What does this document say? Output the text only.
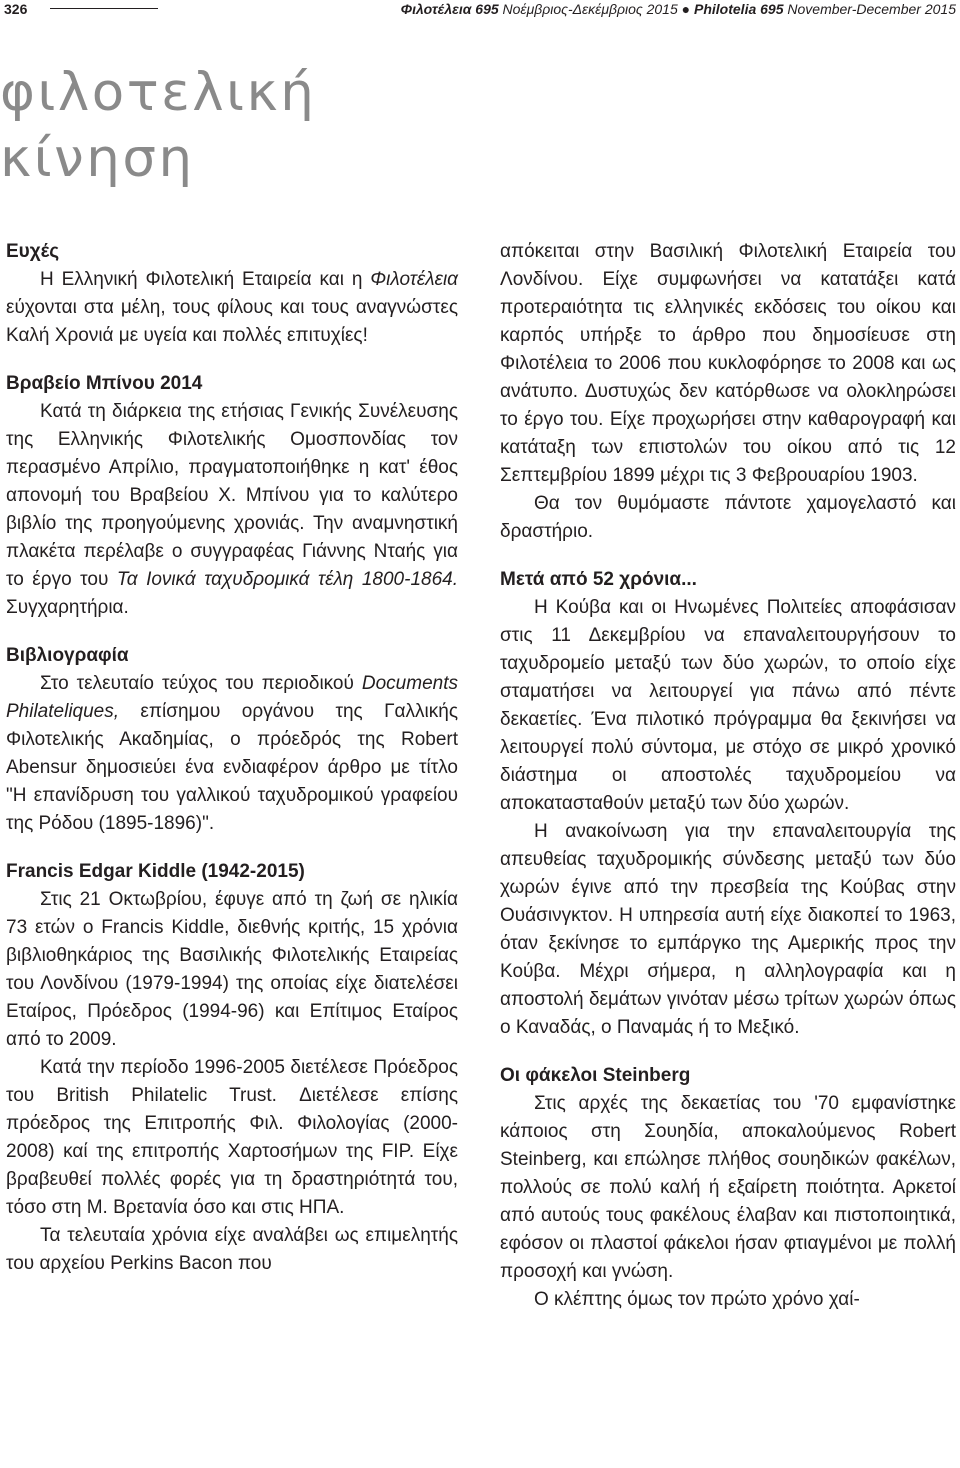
326	Φιλοτέλεια 695 Νοέμβριος-Δεκέμβριος 2015 ● Philotelia 695 November-December 2015
φιλοτελική
κίνηση
Ευχές

Η Ελληνική Φιλοτελική Εταιρεία και η Φιλοτέλεια εύχονται στα μέλη, τους φίλους και τους αναγνώστες Καλή Χρονιά με υγεία και πολλές επιτυχίες!

Βραβείο Μπίνου 2014

Κατά τη διάρκεια της ετήσιας Γενικής Συνέλευσης της Ελληνικής Φιλοτελικής Ομοσπονδίας τον περασμένο Απρίλιο, πραγματοποιήθηκε η κατ' έθος απονομή του Βραβείου Χ. Μπίνου για το καλύτερο βιβλίο της προηγούμενης χρονιάς. Την αναμνηστική πλακέτα περέλαβε ο συγγραφέας Γιάννης Νταής για το έργο του Τα Ιονικά ταχυδρομικά τέλη 1800-1864. Συγχαρητήρια.

Βιβλιογραφία

Στο τελευταίο τεύχος του περιοδικού Documents Philateliques, επίσημου οργάνου της Γαλλικής Φιλοτελικής Ακαδημίας, ο πρόεδρός της Robert Abensur δημοσιεύει ένα ενδιαφέρον άρθρο με τίτλο "Η επανίδρυση του γαλλικού ταχυδρομικού γραφείου της Ρόδου (1895-1896)".

Francis Edgar Kiddle (1942-2015)

Στις 21 Οκτωβρίου, έφυγε από τη ζωή σε ηλικία 73 ετών ο Francis Kiddle, διεθνής κριτής, 15 χρόνια βιβλιοθηκάριος της Βασιλικής Φιλοτελικής Εταιρείας του Λονδίνου (1979-1994) της οποίας είχε διατελέσει Εταίρος, Πρόεδρος (1994-96) και Επίτιμος Εταίρος από το 2009.

Κατά την περίοδο 1996-2005 διετέλεσε Πρόεδρος του British Philatelic Trust. Διετέλεσε επίσης πρόεδρος της Επιτροπής Φιλ. Φιλολογίας (2000-2008) καί της επιτροπής Χαρτοσήμων της FIP. Είχε βραβευθεί πολλές φορές για τη δραστηριότητά του, τόσο στη Μ. Βρετανία όσο και στις ΗΠΑ.

Τα τελευταία χρόνια είχε αναλάβει ως επιμελητής του αρχείου Perkins Bacon που

απόκειται στην Βασιλική Φιλοτελική Εταιρεία του Λονδίνου. Είχε συμφωνήσει να κατατάξει κατά προτεραιότητα τις ελληνικές εκδόσεις του οίκου και καρπός υπήρξε το άρθρο που δημοσίευσε στη Φιλοτέλεια το 2006 που κυκλοφόρησε το 2008 και ως ανάτυπο. Δυστυχώς δεν κατόρθωσε να ολοκληρώσει το έργο του. Είχε προχωρήσει στην καθαρογραφή και κατάταξη των επιστολών του οίκου από τις 12 Σεπτεμβρίου 1899 μέχρι τις 3 Φεβρουαρίου 1903.

Θα τον θυμόμαστε πάντοτε χαμογελαστό και δραστήριο.

Μετά από 52 χρόνια...

Η Κούβα και οι Ηνωμένες Πολιτείες αποφάσισαν στις 11 Δεκεμβρίου να επαναλειτουργήσουν το ταχυδρομείο μεταξύ των δύο χωρών, το οποίο είχε σταματήσει να λειτουργεί για πάνω από πέντε δεκαετίες. Ένα πιλοτικό πρόγραμμα θα ξεκινήσει να λειτουργεί πολύ σύντομα, με στόχο σε μικρό χρονικό διάστημα οι αποστολές ταχυδρομείου να αποκατασταθούν μεταξύ των δύο χωρών.

Η ανακοίνωση για την επαναλειτουργία της απευθείας ταχυδρομικής σύνδεσης μεταξύ των δύο χωρών έγινε από την πρεσβεία της Κούβας στην Ουάσινγκτον. Η υπηρεσία αυτή είχε διακοπεί το 1963, όταν ξεκίνησε το εμπάργκο της Αμερικής προς την Κούβα. Μέχρι σήμερα, η αλληλογραφία και η αποστολή δεμάτων γινόταν μέσω τρίτων χωρών όπως ο Καναδάς, ο Παναμάς ή το Μεξικό.

Οι φάκελοι Steinberg

Στις αρχές της δεκαετίας του '70 εμφανίστηκε κάποιος στη Σουηδία, αποκαλούμενος Robert Steinberg, και επώλησε πλήθος σουηδικών φακέλων, πολλούς σε πολύ καλή ή εξαίρετη ποιότητα. Αρκετοί από αυτούς τους φακέλους έλαβαν και πιστοποιητικά, εφόσον οι πλαστοί φάκελοι ήσαν φτιαγμένοι με πολλή προσοχή και γνώση.

Ο κλέπτης όμως τον πρώτο χρόνο χαί-
